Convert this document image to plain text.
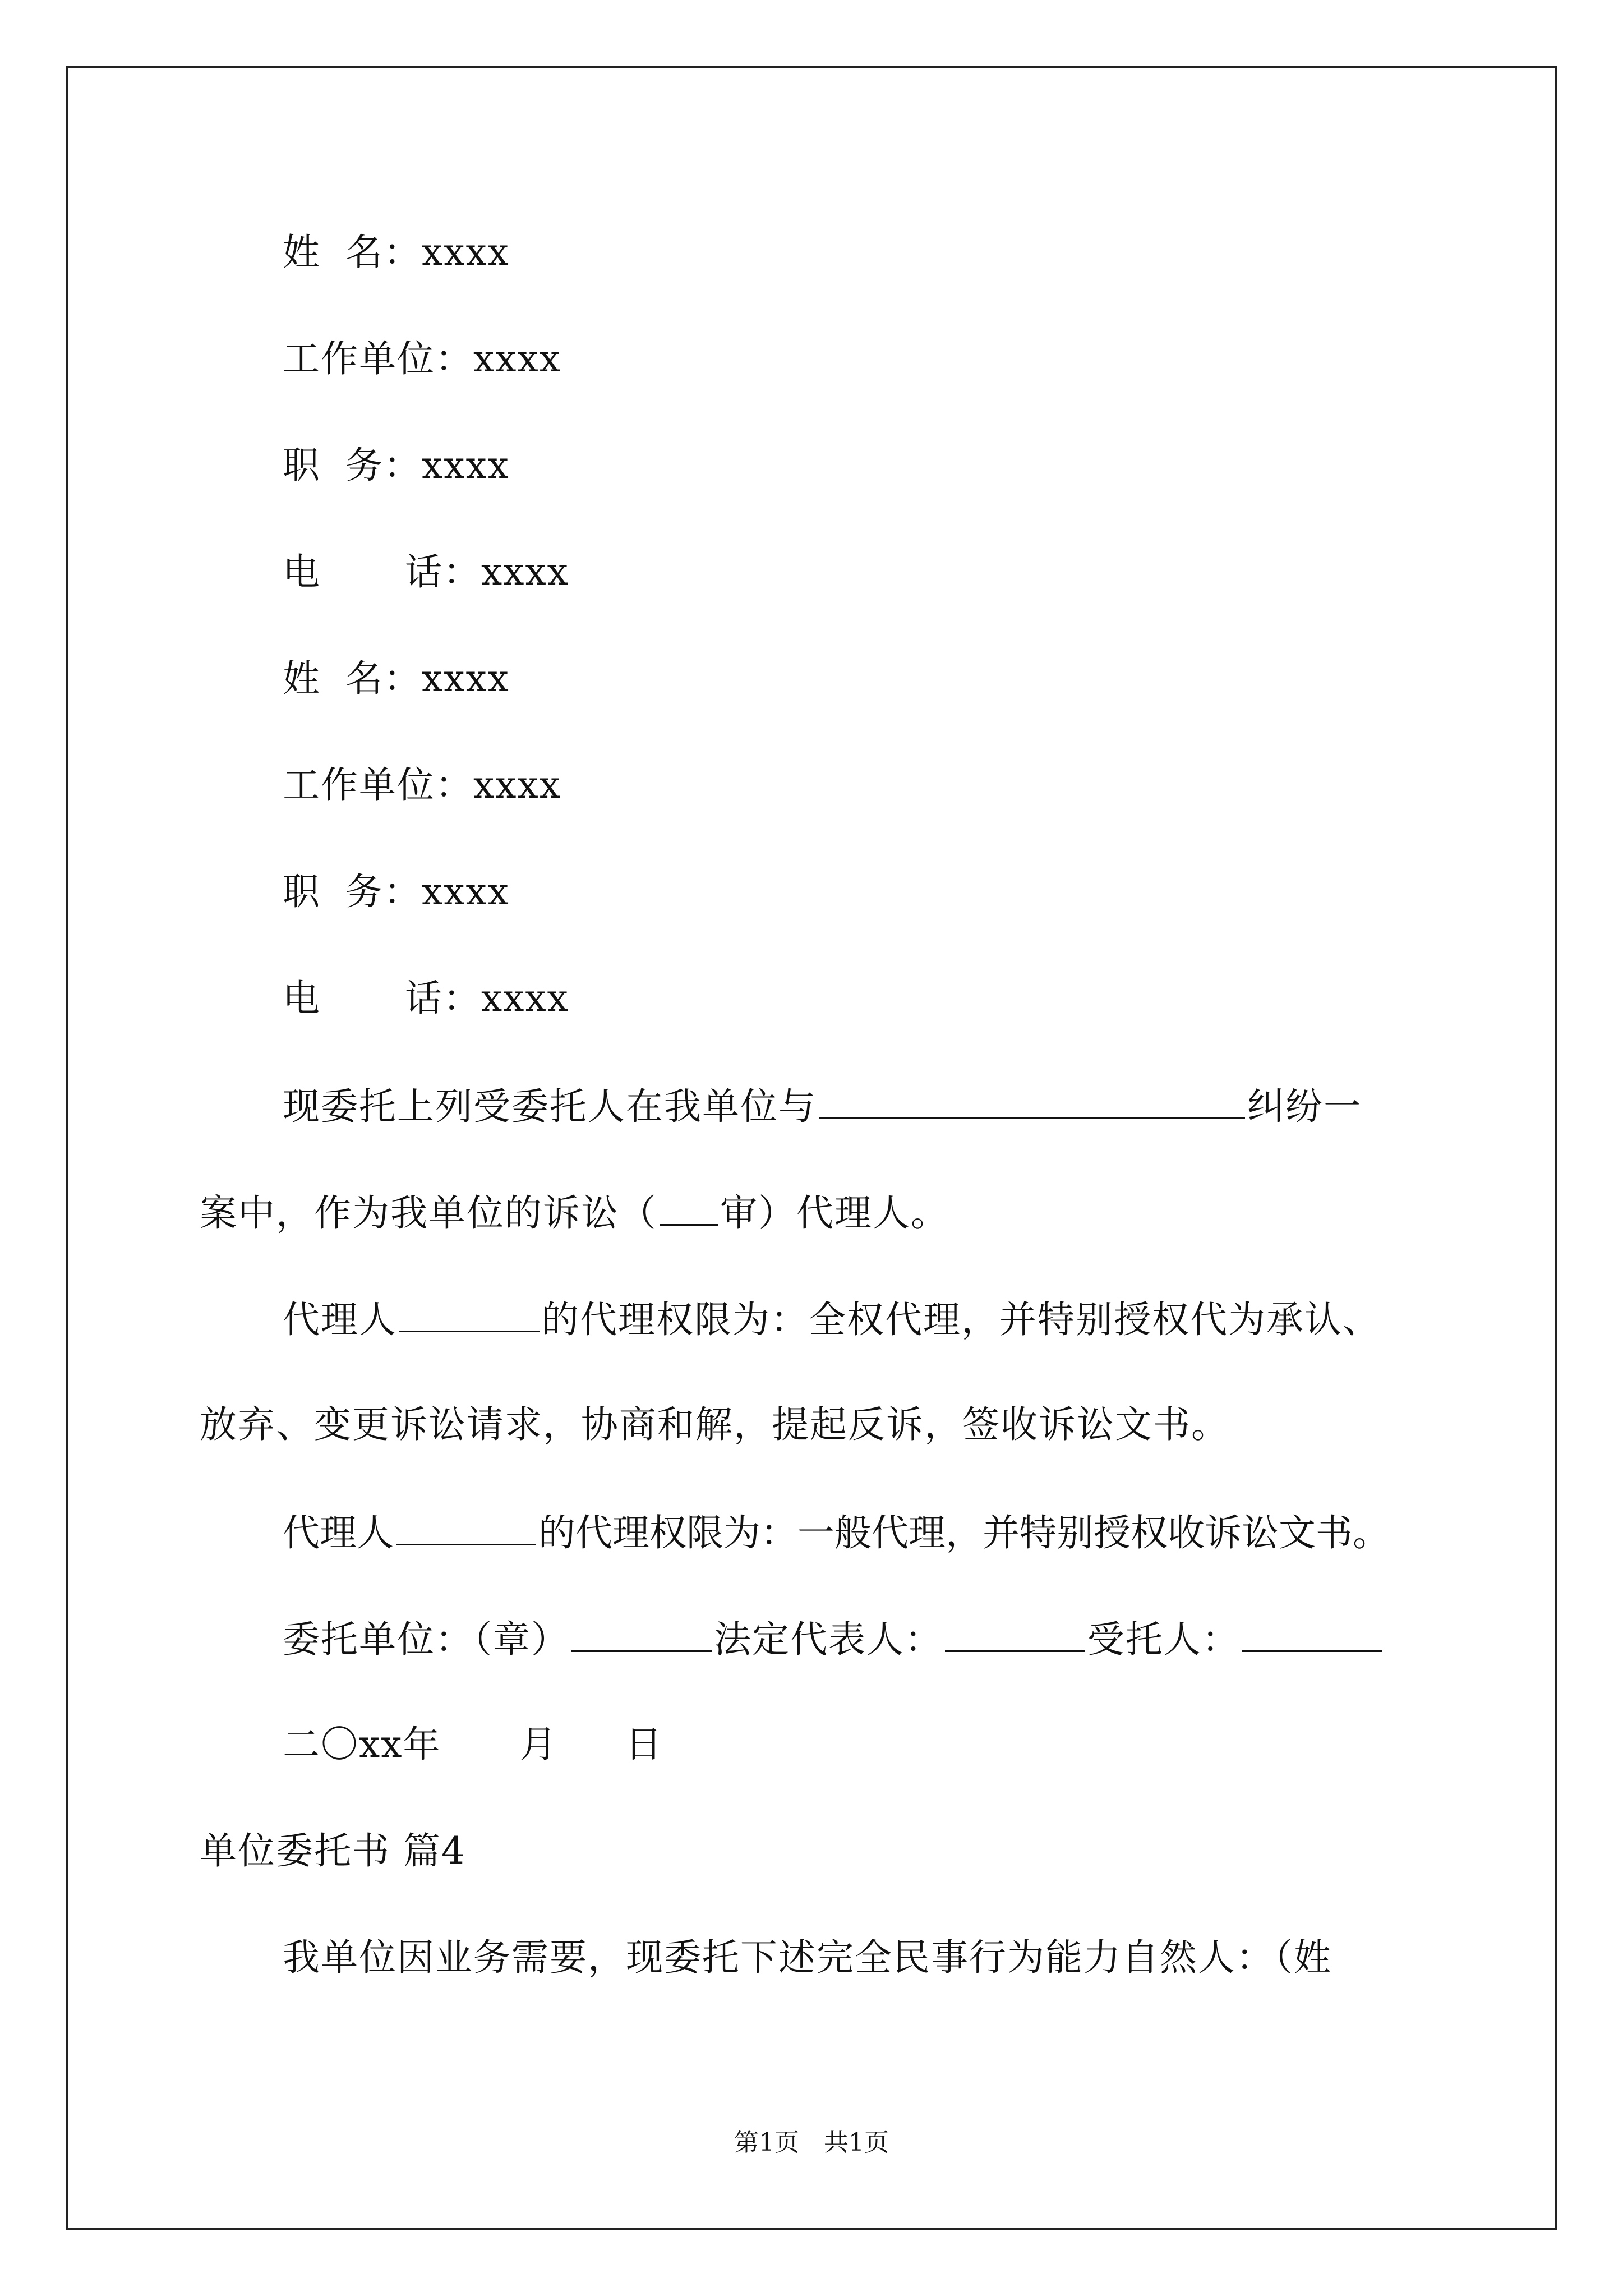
姓 名：xxxx
工作单位：xxxx
职 务：xxxx
电 话：xxxx
姓 名：xxxx
工作单位：xxxx
职 务：xxxx
电 话：xxxx
现委托上列受委托人在我单位与	纠纷一
案中，作为我单位的诉讼（ 审）代理人。
代理人	的代理权限为：全权代理，并特别授权代为承认、
放弃、变更诉讼请求，协商和解，提起反诉，签收诉讼文书。
代理人	的代理权限为：一般代理，并特别授权收诉讼文书。
委托单位：（章）	法定代表人：	受托人：
二〇xx年 月 日
单位委托书 篇4
我单位因业务需要，现委托下述完全民事行为能力自然人：（姓
第1页　共1页
